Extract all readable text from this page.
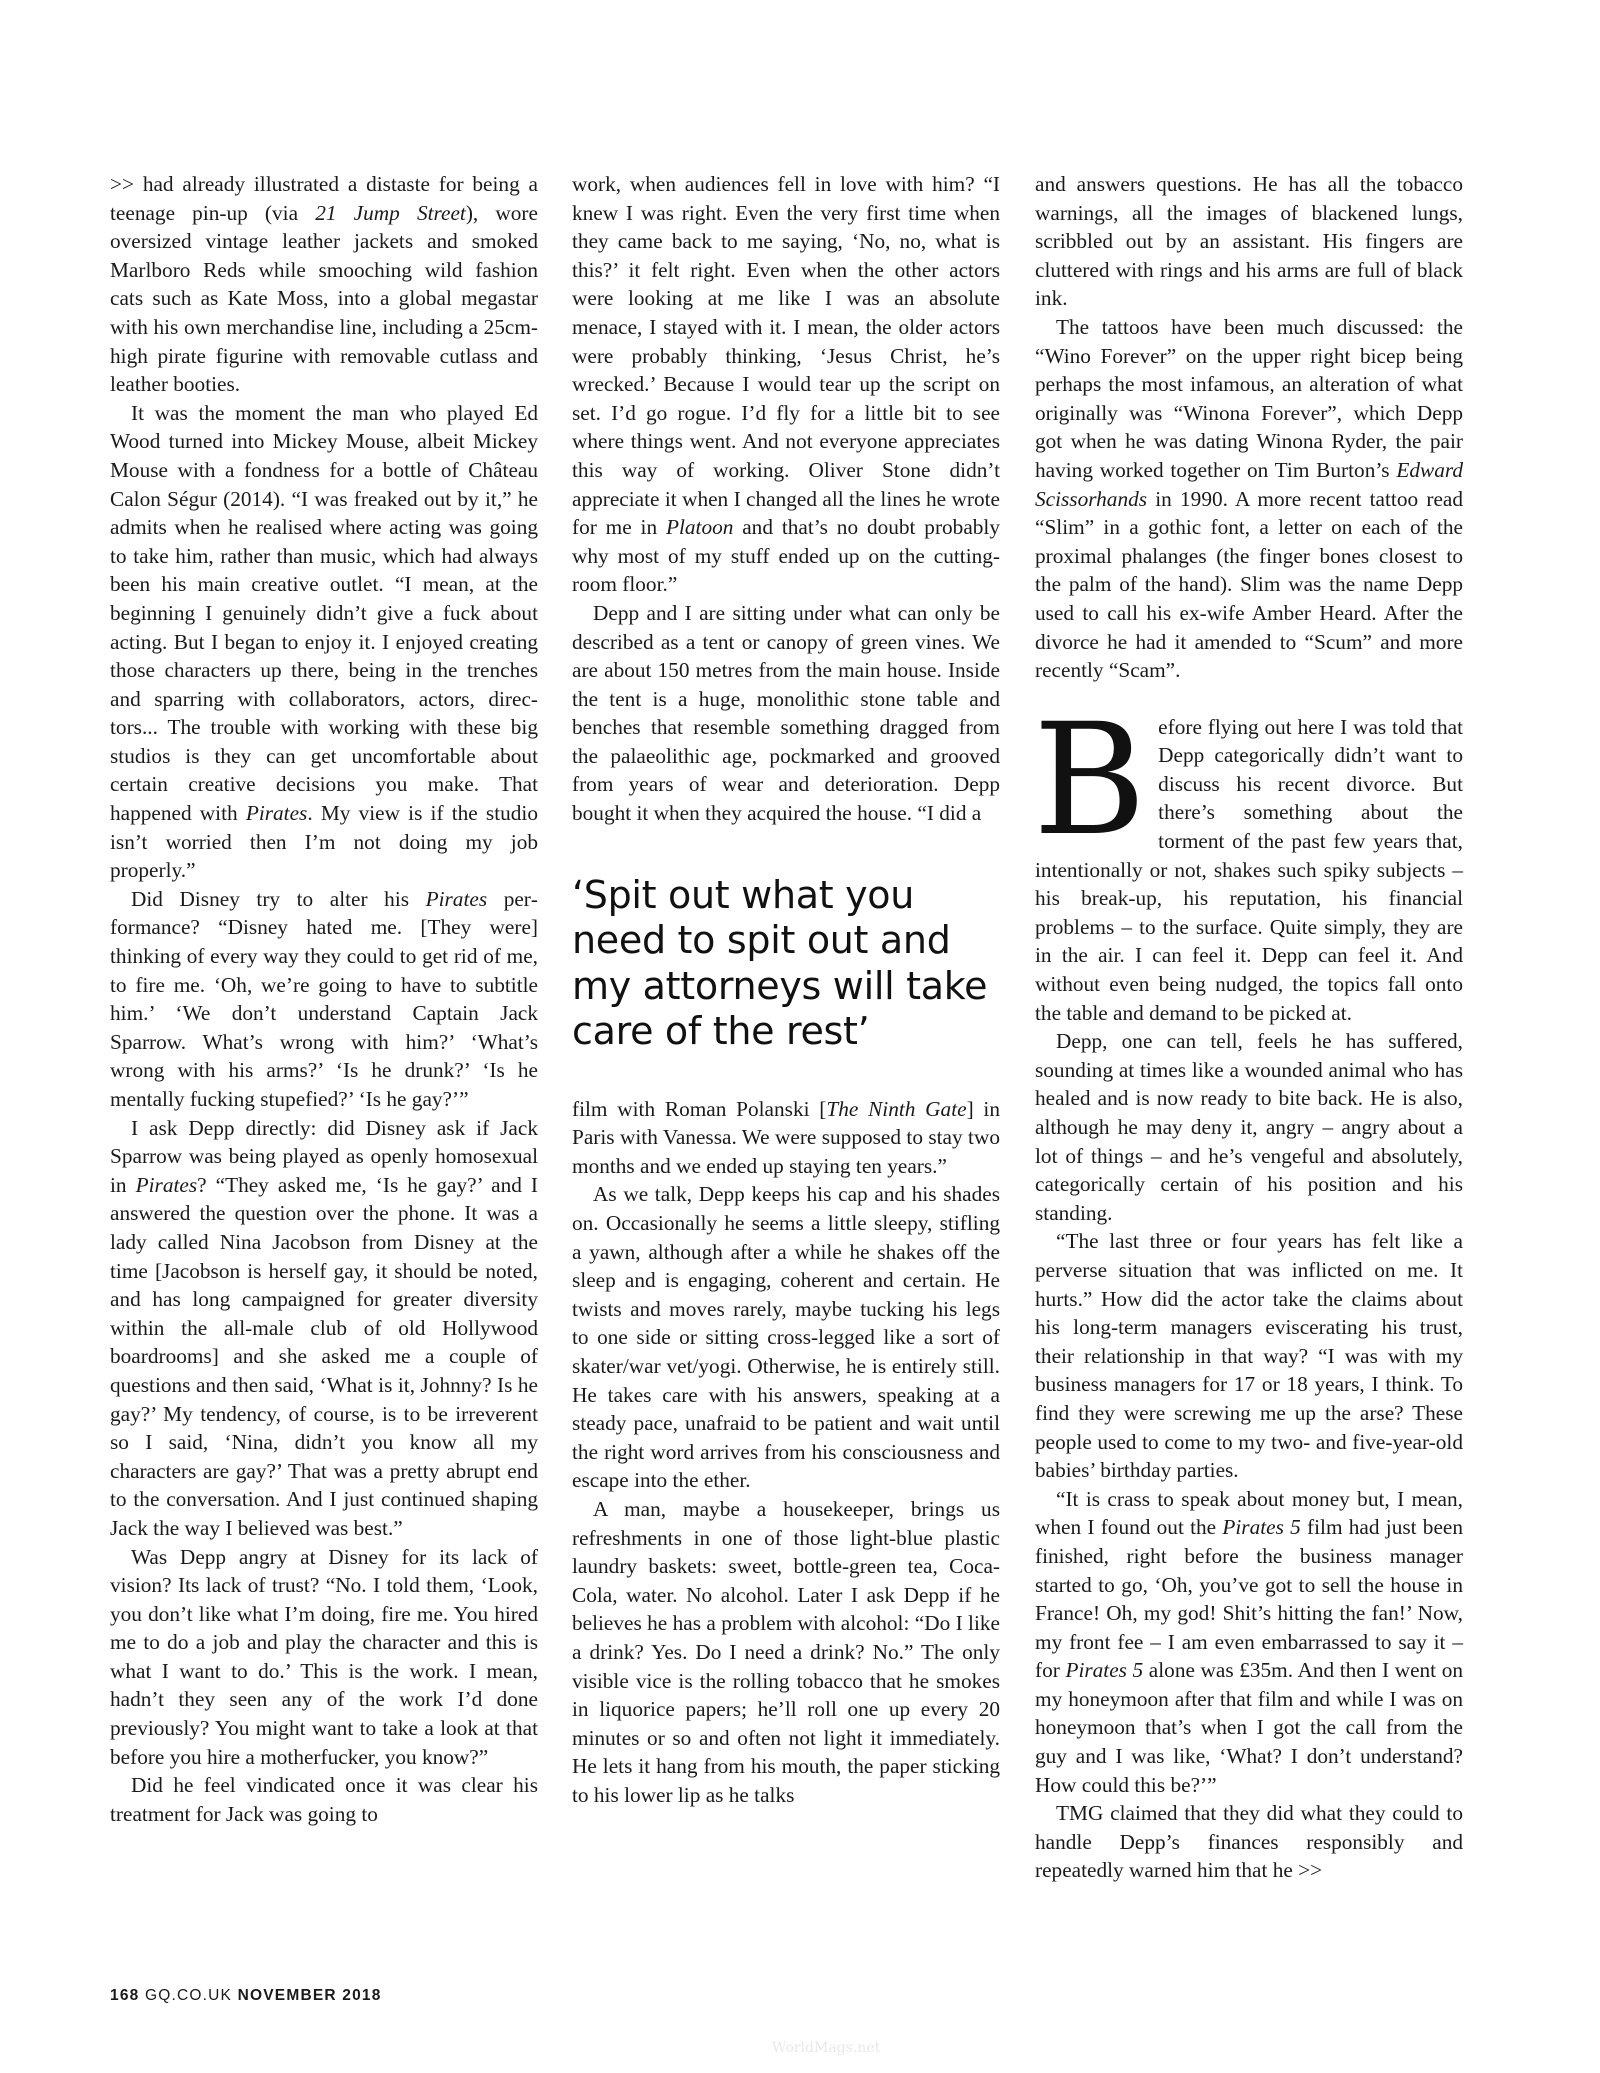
>> had already illustrated a distaste for being a teenage pin-up (via 21 Jump Street), wore oversized vintage leather jackets and smoked Marlboro Reds while smooching wild fashion cats such as Kate Moss, into a global megastar with his own merchandise line, including a 25cm-high pirate figurine with removable cutlass and leather booties.

It was the moment the man who played Ed Wood turned into Mickey Mouse, albeit Mickey Mouse with a fondness for a bottle of Château Calon Ségur (2014). “I was freaked out by it,” he admits when he realised where acting was going to take him, rather than music, which had always been his main creative outlet. “I mean, at the beginning I genuinely didn’t give a fuck about acting. But I began to enjoy it. I enjoyed creating those characters up there, being in the trenches and sparring with collaborators, actors, directors... The trouble with working with these big studios is they can get uncomfortable about certain creative decisions you make. That happened with Pirates. My view is if the studio isn’t worried then I’m not doing my job properly.”

Did Disney try to alter his Pirates performance? “Disney hated me. [They were] thinking of every way they could to get rid of me, to fire me. ‘Oh, we’re going to have to subtitle him.’ ‘We don’t understand Captain Jack Sparrow. What’s wrong with him?’ ‘What’s wrong with his arms?’ ‘Is he drunk?’ ‘Is he mentally fucking stupefied?’ ‘Is he gay?’”

I ask Depp directly: did Disney ask if Jack Sparrow was being played as openly homosexual in Pirates? “They asked me, ‘Is he gay?’ and I answered the question over the phone. It was a lady called Nina Jacobson from Disney at the time [Jacobson is herself gay, it should be noted, and has long campaigned for greater diversity within the all-male club of old Hollywood boardrooms] and she asked me a couple of questions and then said, ‘What is it, Johnny? Is he gay?’ My tendency, of course, is to be irreverent so I said, ‘Nina, didn’t you know all my characters are gay?’ That was a pretty abrupt end to the conversation. And I just continued shaping Jack the way I believed was best.”

Was Depp angry at Disney for its lack of vision? Its lack of trust? “No. I told them, ‘Look, you don’t like what I’m doing, fire me. You hired me to do a job and play the character and this is what I want to do.’ This is the work. I mean, hadn’t they seen any of the work I’d done previously? You might want to take a look at that before you hire a motherfucker, you know?”

Did he feel vindicated once it was clear his treatment for Jack was going to

work, when audiences fell in love with him? “I knew I was right. Even the very first time when they came back to me saying, ‘No, no, what is this?’ it felt right. Even when the other actors were looking at me like I was an absolute menace, I stayed with it. I mean, the older actors were probably thinking, ‘Jesus Christ, he’s wrecked.’ Because I would tear up the script on set. I’d go rogue. I’d fly for a little bit to see where things went. And not everyone appreciates this way of working. Oliver Stone didn’t appreciate it when I changed all the lines he wrote for me in Platoon and that’s no doubt probably why most of my stuff ended up on the cutting-room floor.”

Depp and I are sitting under what can only be described as a tent or canopy of green vines. We are about 150 metres from the main house. Inside the tent is a huge, monolithic stone table and benches that resemble something dragged from the palaeolithic age, pockmarked and grooved from years of wear and deterioration. Depp bought it when they acquired the house. “I did a

‘Spit out what you need to spit out and my attorneys will take care of the rest’

film with Roman Polanski [The Ninth Gate] in Paris with Vanessa. We were supposed to stay two months and we ended up staying ten years.”

As we talk, Depp keeps his cap and his shades on. Occasionally he seems a little sleepy, stifling a yawn, although after a while he shakes off the sleep and is engaging, coherent and certain. He twists and moves rarely, maybe tucking his legs to one side or sitting cross-legged like a sort of skater/war vet/yogi. Otherwise, he is entirely still. He takes care with his answers, speaking at a steady pace, unafraid to be patient and wait until the right word arrives from his consciousness and escape into the ether.

A man, maybe a housekeeper, brings us refreshments in one of those light-blue plastic laundry baskets: sweet, bottle-green tea, Coca-Cola, water. No alcohol. Later I ask Depp if he believes he has a problem with alcohol: “Do I like a drink? Yes. Do I need a drink? No.” The only visible vice is the rolling tobacco that he smokes in liquorice papers; he’ll roll one up every 20 minutes or so and often not light it immediately. He lets it hang from his mouth, the paper sticking to his lower lip as he talks

and answers questions. He has all the tobacco warnings, all the images of blackened lungs, scribbled out by an assistant. His fingers are cluttered with rings and his arms are full of black ink.

The tattoos have been much discussed: the “Wino Forever” on the upper right bicep being perhaps the most infamous, an alteration of what originally was “Winona Forever”, which Depp got when he was dating Winona Ryder, the pair having worked together on Tim Burton’s Edward Scissorhands in 1990. A more recent tattoo read “Slim” in a gothic font, a letter on each of the proximal phalanges (the finger bones closest to the palm of the hand). Slim was the name Depp used to call his ex-wife Amber Heard. After the divorce he had it amended to “Scum” and more recently “Scam”.

Before flying out here I was told that Depp categorically didn’t want to discuss his recent divorce. But there’s something about the torment of the past few years that, intentionally or not, shakes such spiky subjects – his break-up, his reputation, his financial problems – to the surface. Quite simply, they are in the air. I can feel it. Depp can feel it. And without even being nudged, the topics fall onto the table and demand to be picked at.

Depp, one can tell, feels he has suffered, sounding at times like a wounded animal who has healed and is now ready to bite back. He is also, although he may deny it, angry – angry about a lot of things – and he’s vengeful and absolutely, categorically certain of his position and his standing.

“The last three or four years has felt like a perverse situation that was inflicted on me. It hurts.” How did the actor take the claims about his long-term managers eviscerating his trust, their relationship in that way? “I was with my business managers for 17 or 18 years, I think. To find they were screwing me up the arse? These people used to come to my two- and five-year-old babies’ birthday parties.

“It is crass to speak about money but, I mean, when I found out the Pirates 5 film had just been finished, right before the business manager started to go, ‘Oh, you’ve got to sell the house in France! Oh, my god! Shit’s hitting the fan!’ Now, my front fee – I am even embarrassed to say it – for Pirates 5 alone was £35m. And then I went on my honeymoon after that film and while I was on honeymoon that’s when I got the call from the guy and I was like, ‘What? I don’t understand? How could this be?’”

TMG claimed that they did what they could to handle Depp’s finances responsibly and repeatedly warned him that he >>

168 GQ.CO.UK NOVEMBER 2018
WorldMags.net
